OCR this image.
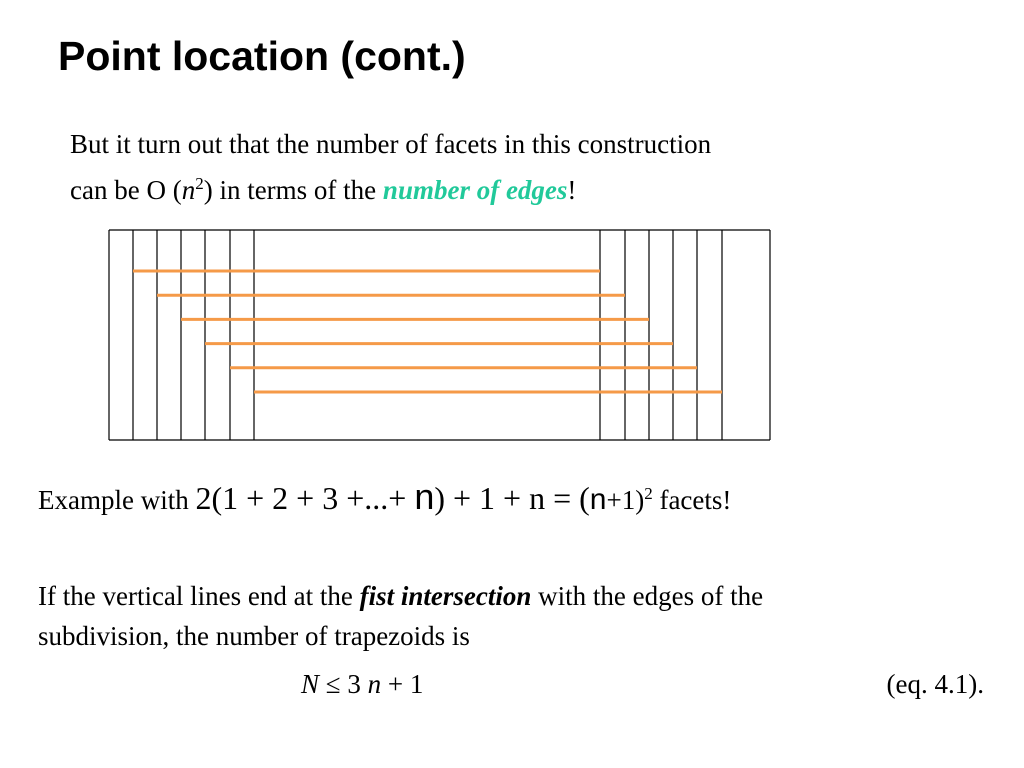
Point location (cont.)

But it turn out that the number of facets in this construction
can be O $(n^2)$ in terms of the number of edges!

Example with 2(1 + 2 + 3 +...+ $n) + 1 + n = (n+1)^2$ facets!

If the vertical lines end at the fist intersection with the edges of the
subdivision, the number of trapezoids is

N ≤ 3 n + 1	(eq. 4.1).
